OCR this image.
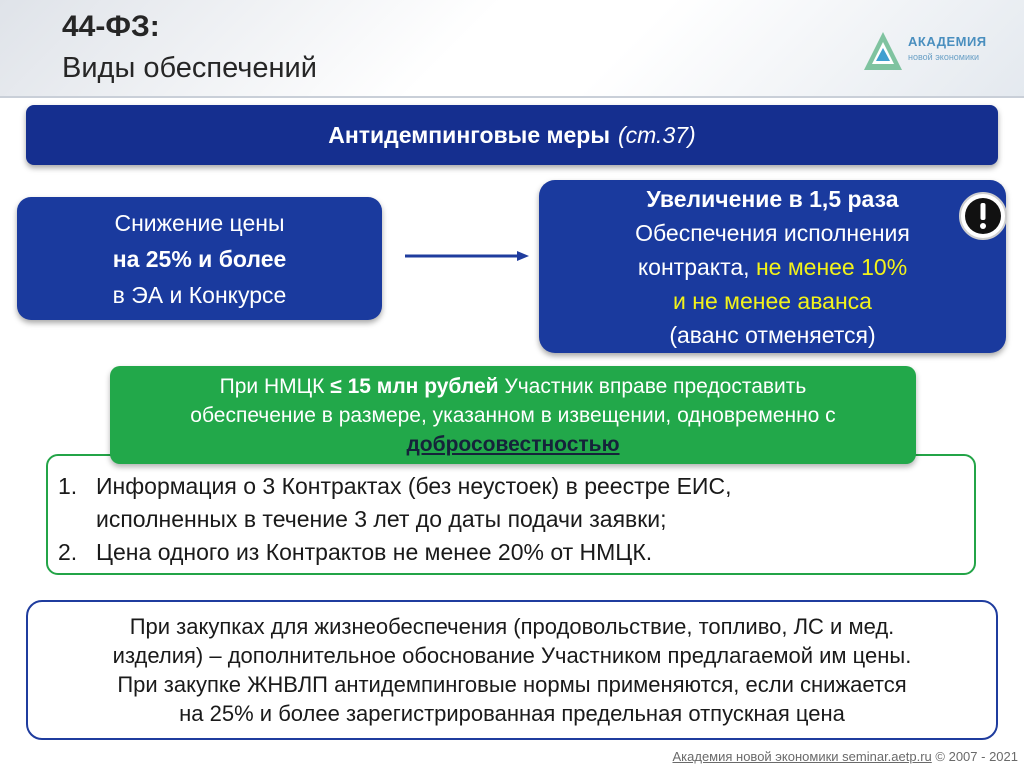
44-ФЗ:
Виды обеспечений
АКАДЕМИЯ
новой экономики
Антидемпинговые меры (ст.37)
Снижение цены
на 25% и более
в ЭА и Конкурсе
Увеличение в 1,5 раза
Обеспечения исполнения
контракта, не менее 10%
и не менее аванса
(аванс отменяется)
При НМЦК ≤ 15 млн рублей Участник вправе предоставить
обеспечение в размере, указанном в извещении, одновременно с
добросовестностью
1. Информация о 3 Контрактах (без неустоек) в реестре ЕИС,
исполненных в течение 3 лет до даты подачи заявки;
2. Цена одного из Контрактов не менее 20% от НМЦК.
При закупках для жизнеобеспечения (продовольствие, топливо, ЛС и мед.
изделия) – дополнительное обоснование Участником предлагаемой им цены.
При закупке ЖНВЛП антидемпинговые нормы применяются, если снижается
на 25% и более зарегистрированная предельная отпускная цена
Академия новой экономики seminar.aetp.ru © 2007 - 2021
